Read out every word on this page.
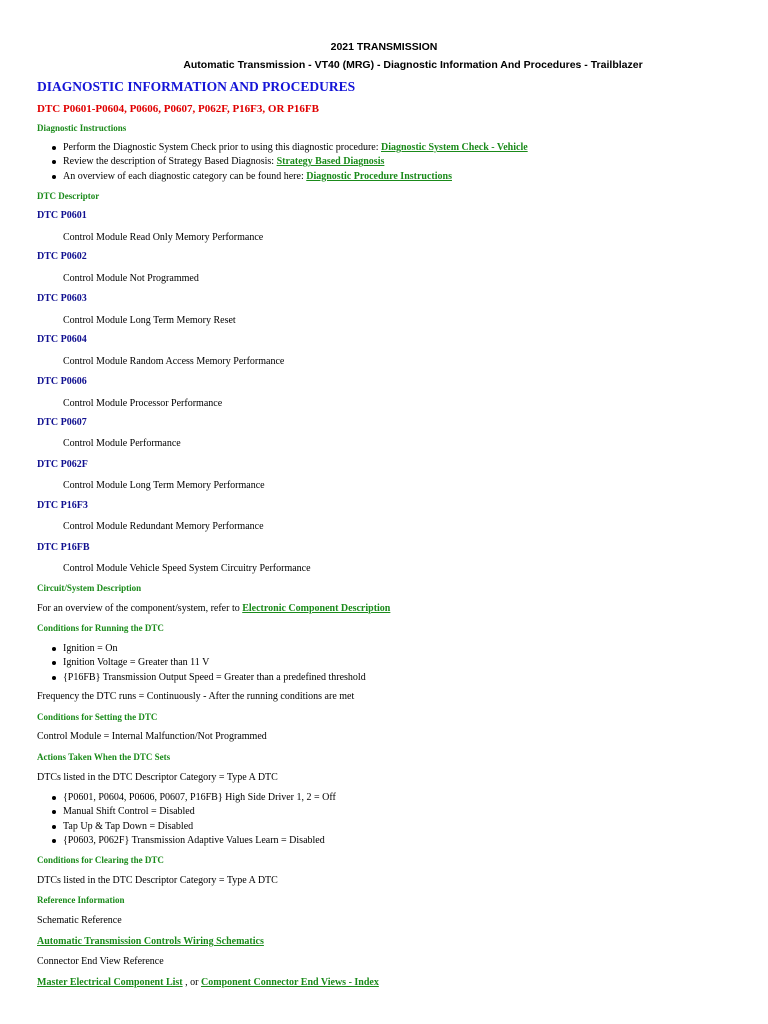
2021 TRANSMISSION
Automatic Transmission - VT40 (MRG) - Diagnostic Information And Procedures - Trailblazer
DIAGNOSTIC INFORMATION AND PROCEDURES
DTC P0601-P0604, P0606, P0607, P062F, P16F3, OR P16FB
Diagnostic Instructions
Perform the Diagnostic System Check prior to using this diagnostic procedure: Diagnostic System Check - Vehicle
Review the description of Strategy Based Diagnosis: Strategy Based Diagnosis
An overview of each diagnostic category can be found here: Diagnostic Procedure Instructions
DTC Descriptor
DTC P0601
Control Module Read Only Memory Performance
DTC P0602
Control Module Not Programmed
DTC P0603
Control Module Long Term Memory Reset
DTC P0604
Control Module Random Access Memory Performance
DTC P0606
Control Module Processor Performance
DTC P0607
Control Module Performance
DTC P062F
Control Module Long Term Memory Performance
DTC P16F3
Control Module Redundant Memory Performance
DTC P16FB
Control Module Vehicle Speed System Circuitry Performance
Circuit/System Description
For an overview of the component/system, refer to Electronic Component Description
Conditions for Running the DTC
Ignition = On
Ignition Voltage = Greater than 11 V
{P16FB} Transmission Output Speed = Greater than a predefined threshold
Frequency the DTC runs = Continuously - After the running conditions are met
Conditions for Setting the DTC
Control Module = Internal Malfunction/Not Programmed
Actions Taken When the DTC Sets
DTCs listed in the DTC Descriptor Category = Type A DTC
{P0601, P0604, P0606, P0607, P16FB} High Side Driver 1, 2 = Off
Manual Shift Control = Disabled
Tap Up & Tap Down = Disabled
{P0603, P062F} Transmission Adaptive Values Learn = Disabled
Conditions for Clearing the DTC
DTCs listed in the DTC Descriptor Category = Type A DTC
Reference Information
Schematic Reference
Automatic Transmission Controls Wiring Schematics
Connector End View Reference
Master Electrical Component List , or Component Connector End Views - Index
